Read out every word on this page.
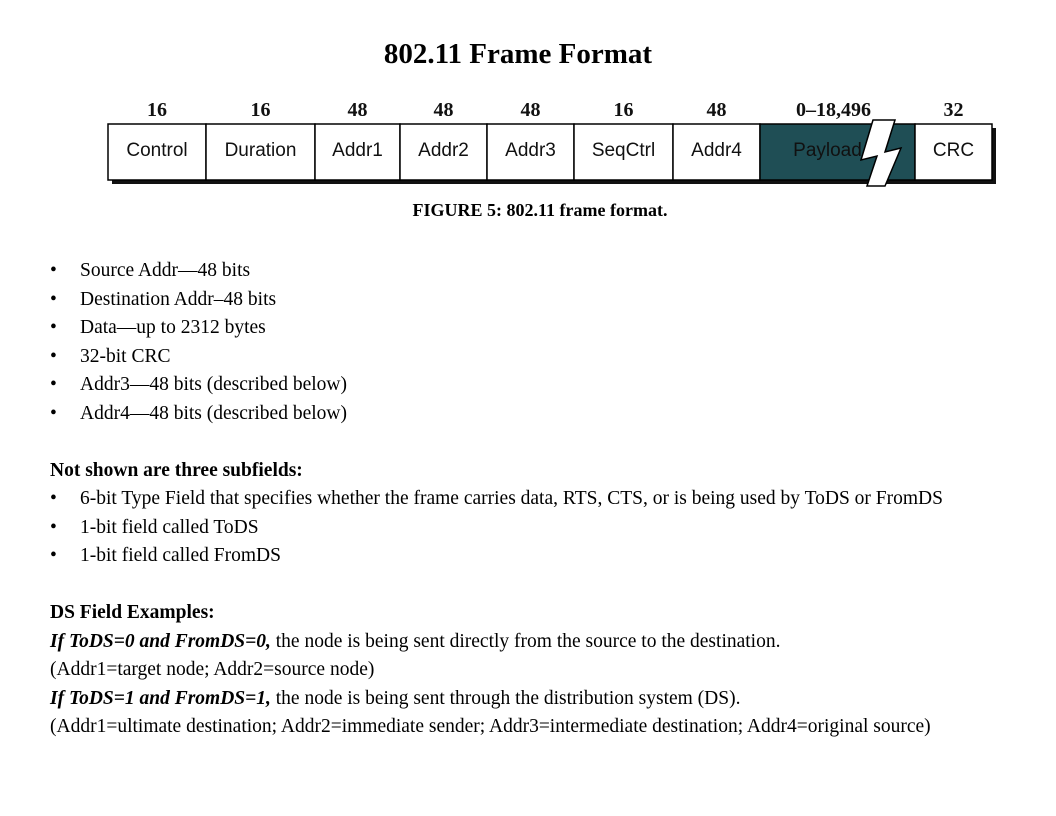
802.11 Frame Format
Control
16
Duration
16
Addr1
48
Addr2
48
Addr3
48
SeqCtrl
16
Addr4
48
Payload
0–18,496
CRC
32
FIGURE 5: 802.11 frame format.
• Source Addr—48 bits
• Destination Addr–48 bits
• Data—up to 2312 bytes
• 32-bit CRC
• Addr3—48 bits (described below)
• Addr4—48 bits (described below)
Not shown are three subfields:
• 6-bit Type Field that specifies whether the frame carries data, RTS, CTS, or is being used by ToDS or FromDS
• 1-bit field called ToDS
• 1-bit field called FromDS
DS Field Examples:
If ToDS=0 and FromDS=0, the node is being sent directly from the source to the destination.
(Addr1=target node; Addr2=source node)
If ToDS=1 and FromDS=1, the node is being sent through the distribution system (DS).
(Addr1=ultimate destination; Addr2=immediate sender; Addr3=intermediate destination; Addr4=original source)
